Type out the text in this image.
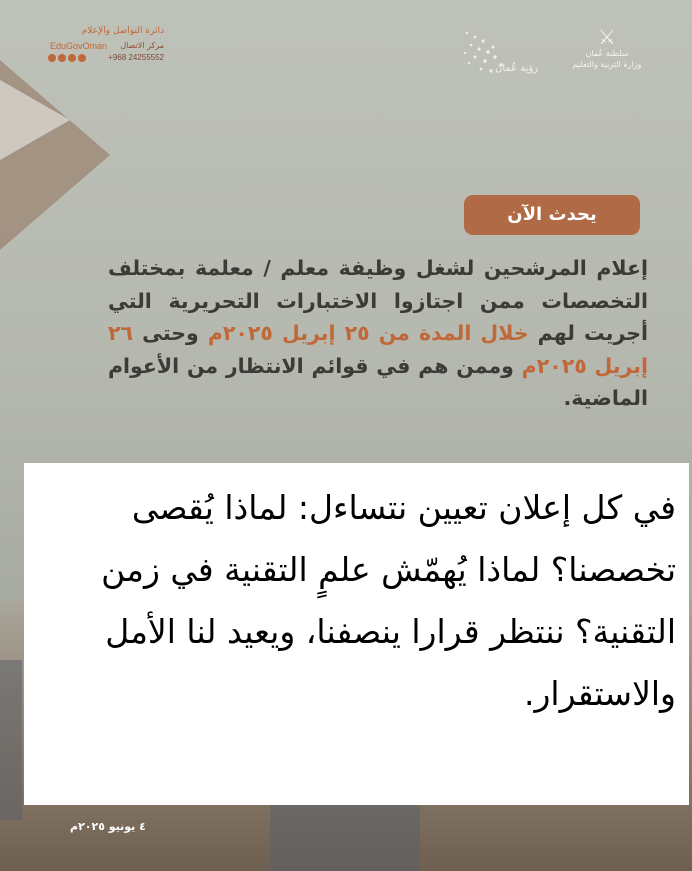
دائرة التواصل والإعلام
EduGovOman مركز الاتصال
+968 24255552
رؤية عُمان
⚔
سلطنة عُمان
وزارة التربية والتعليم
يحدث الآن
إعلام المرشحين لشغل وظيفة معلم / معلمة بمختلف التخصصات ممن اجتازوا الاختبارات التحريرية التي أجريت لهم خلال المدة من ٢٥ إبريل ٢٠٢٥م وحتى ٢٦ إبريل ٢٠٢٥م وممن هم في قوائم الانتظار من الأعوام الماضية.

في كل إعلان تعيين نتساءل: لماذا يُقصى تخصصنا؟ لماذا يُهمّش علمٍ التقنية في زمن التقنية؟ ننتظر قرارا ينصفنا، ويعيد لنا الأمل والاستقرار.

٤ يونيو ٢٠٢٥م
